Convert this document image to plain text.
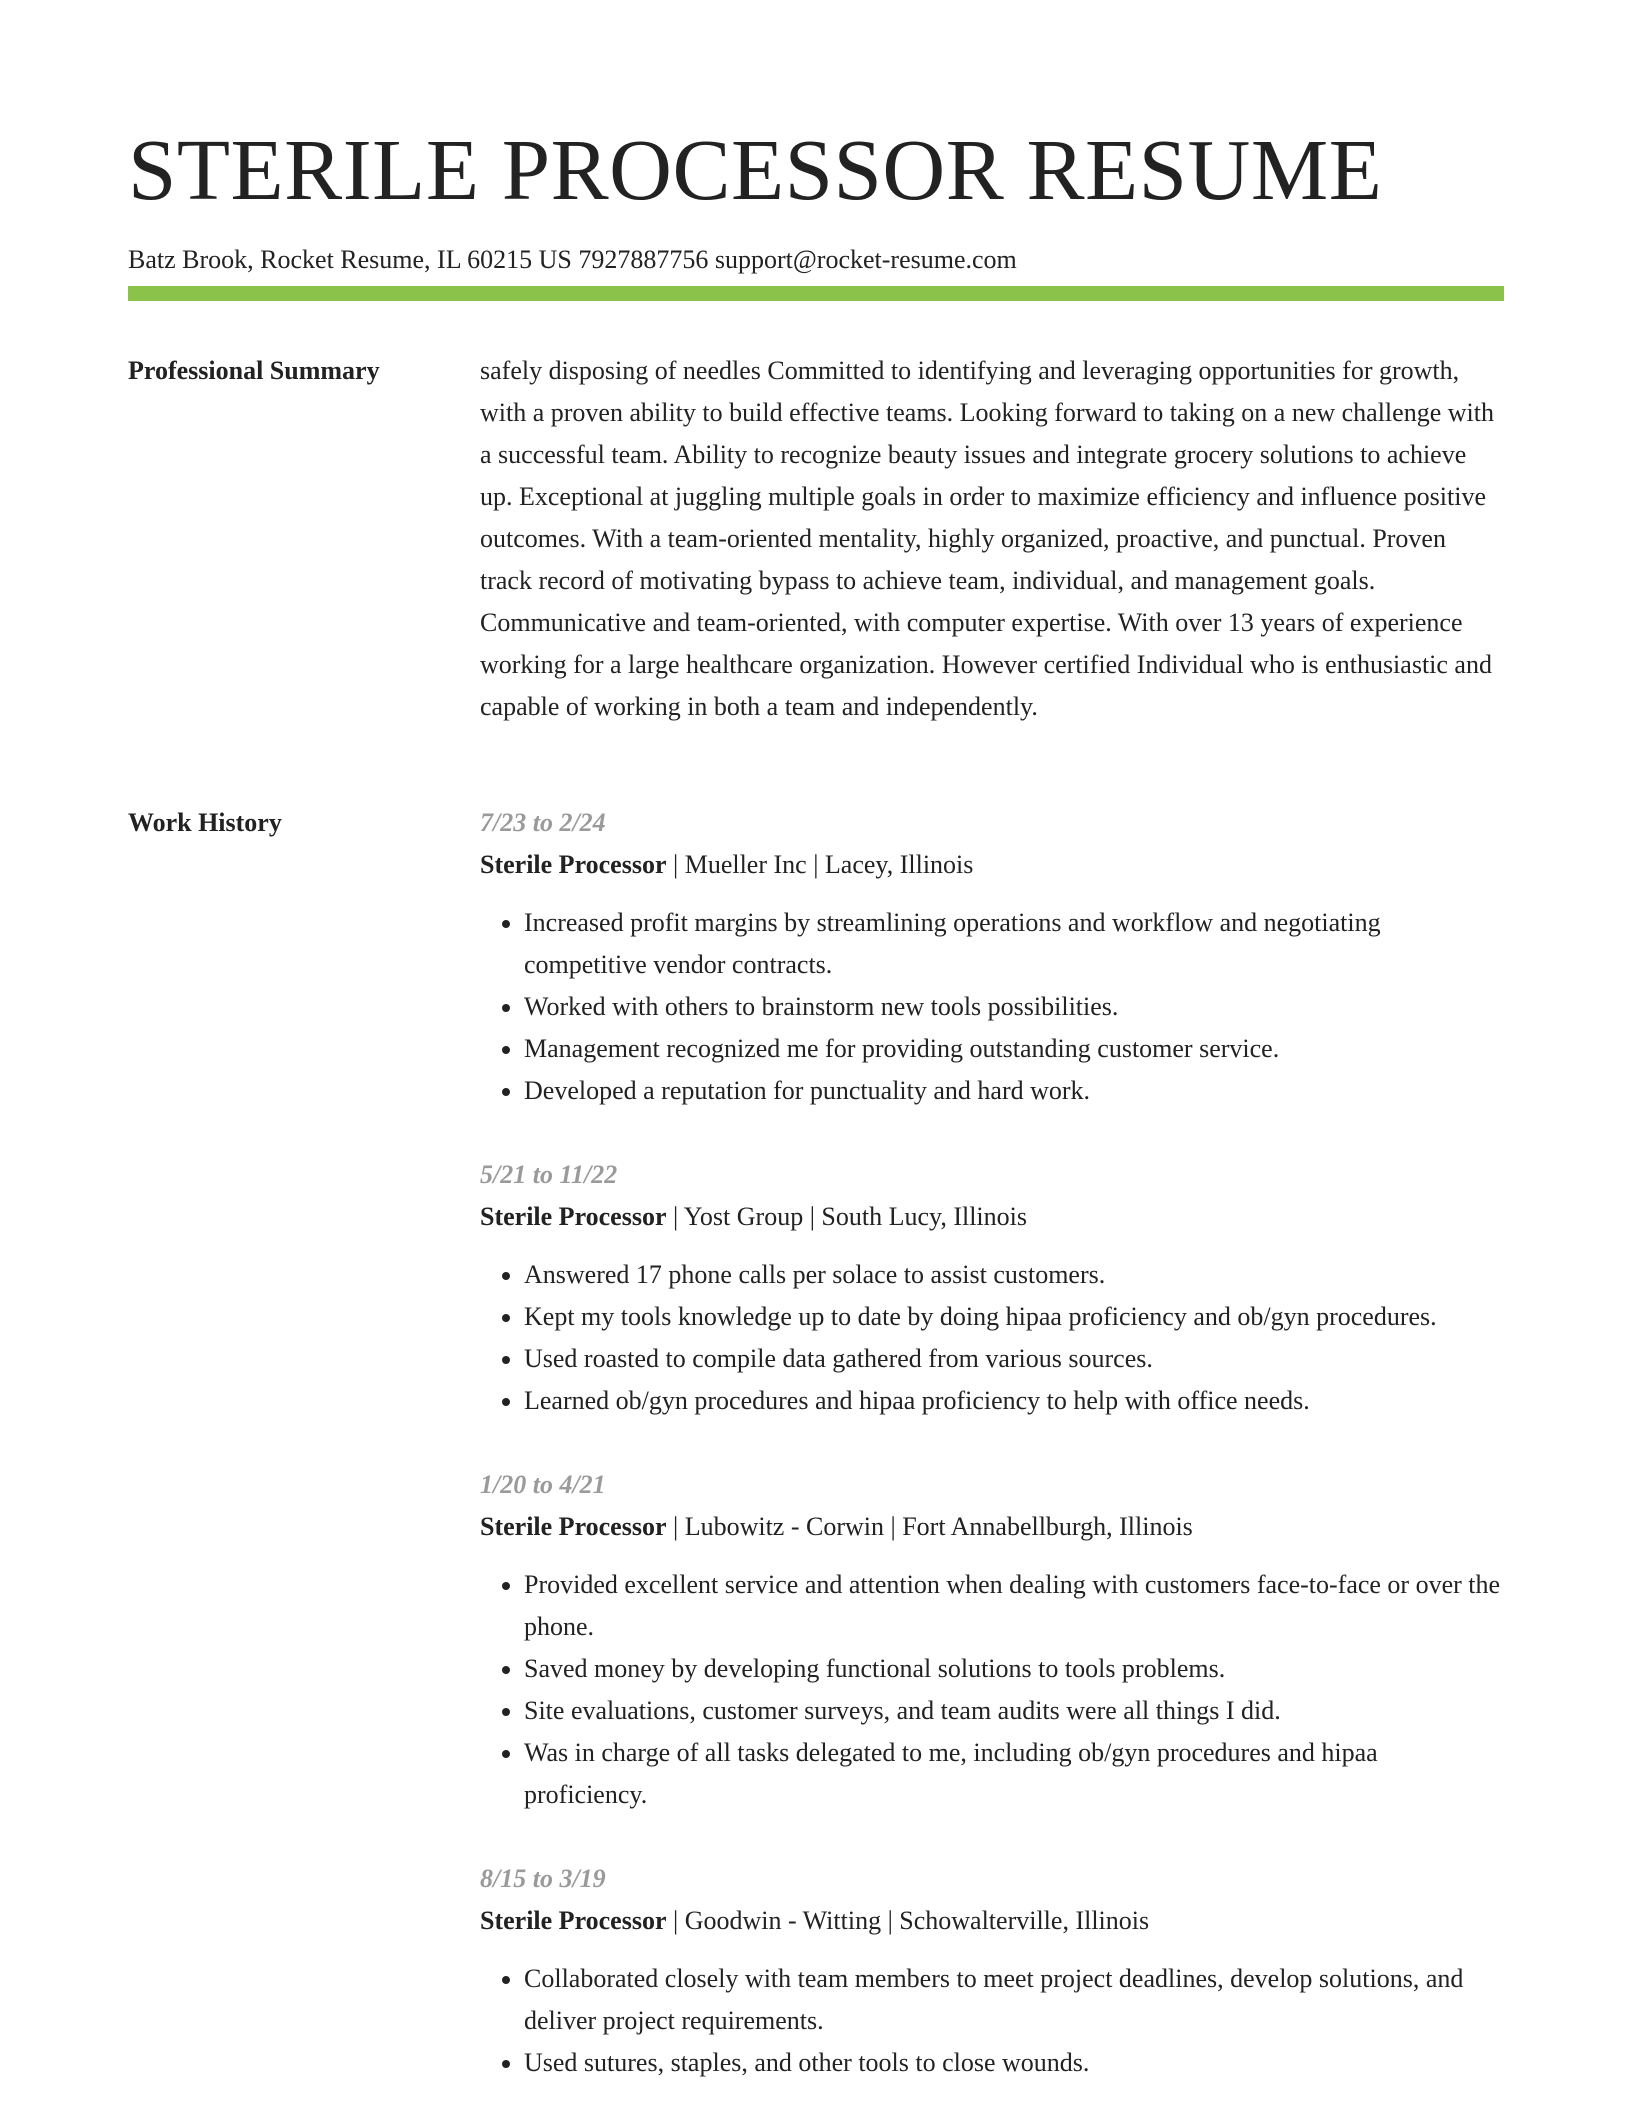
STERILE PROCESSOR RESUME
Batz Brook, Rocket Resume, IL 60215 US 7927887756 support@rocket-resume.com
Professional Summary	safely disposing of needles Committed to identifying and leveraging opportunities for growth, with a proven ability to build effective teams. Looking forward to taking on a new challenge with a successful team. Ability to recognize beauty issues and integrate grocery solutions to achieve up. Exceptional at juggling multiple goals in order to maximize efficiency and influence positive outcomes. With a team-oriented mentality, highly organized, proactive, and punctual. Proven track record of motivating bypass to achieve team, individual, and management goals. Communicative and team-oriented, with computer expertise. With over 13 years of experience working for a large healthcare organization. However certified Individual who is enthusiastic and capable of working in both a team and independently.

Work History	7/23 to 2/24
Sterile Processor | Mueller Inc | Lacey, Illinois
• Increased profit margins by streamlining operations and workflow and negotiating competitive vendor contracts.
• Worked with others to brainstorm new tools possibilities.
• Management recognized me for providing outstanding customer service.
• Developed a reputation for punctuality and hard work.
5/21 to 11/22
Sterile Processor | Yost Group | South Lucy, Illinois
• Answered 17 phone calls per solace to assist customers.
• Kept my tools knowledge up to date by doing hipaa proficiency and ob/gyn procedures.
• Used roasted to compile data gathered from various sources.
• Learned ob/gyn procedures and hipaa proficiency to help with office needs.
1/20 to 4/21
Sterile Processor | Lubowitz - Corwin | Fort Annabellburgh, Illinois
• Provided excellent service and attention when dealing with customers face-to-face or over the phone.
• Saved money by developing functional solutions to tools problems.
• Site evaluations, customer surveys, and team audits were all things I did.
• Was in charge of all tasks delegated to me, including ob/gyn procedures and hipaa proficiency.
8/15 to 3/19
Sterile Processor | Goodwin - Witting | Schowalterville, Illinois
• Collaborated closely with team members to meet project deadlines, develop solutions, and deliver project requirements.
• Used sutures, staples, and other tools to close wounds.
